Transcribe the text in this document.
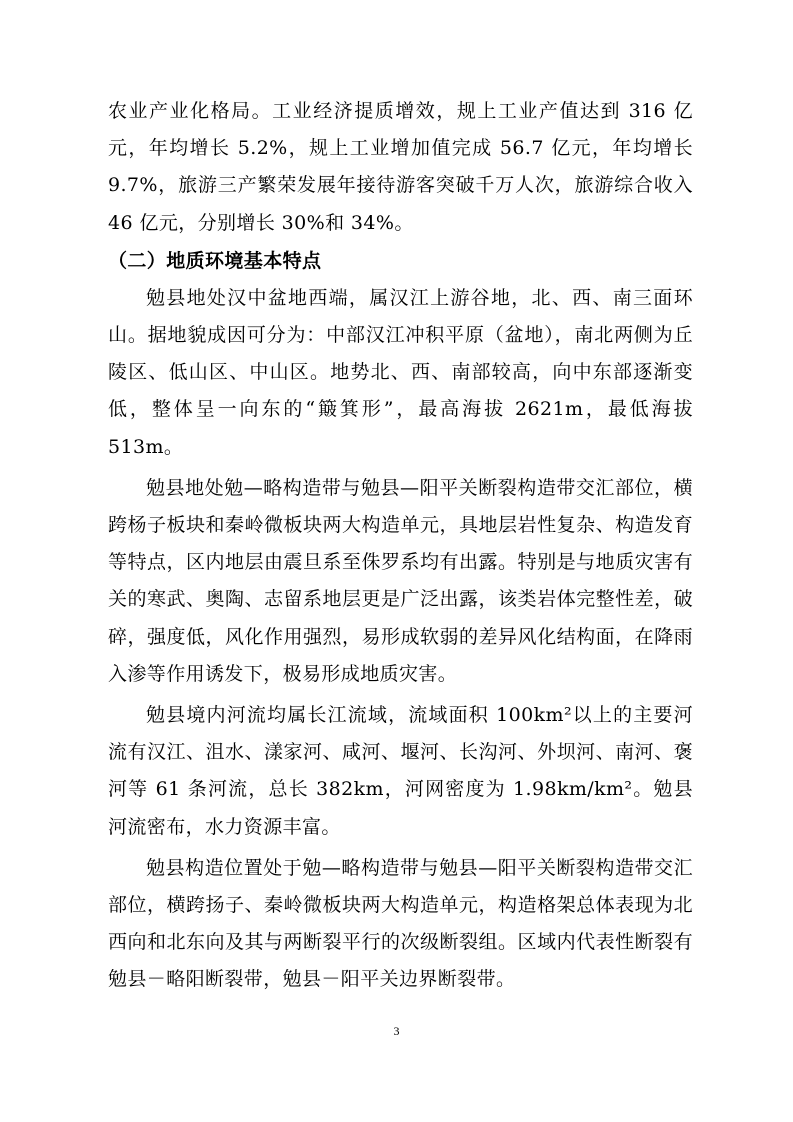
农业产业化格局。工业经济提质增效，规上工业产值达到 316 亿元，年均增长 5.2%，规上工业增加值完成 56.7 亿元，年均增长 9.7%，旅游三产繁荣发展年接待游客突破千万人次，旅游综合收入 46 亿元，分别增长 30%和 34%。

（二）地质环境基本特点

勉县地处汉中盆地西端，属汉江上游谷地，北、西、南三面环山。据地貌成因可分为：中部汉江冲积平原（盆地），南北两侧为丘陵区、低山区、中山区。地势北、西、南部较高，向中东部逐渐变低，整体呈一向东的“簸箕形”，最高海拔 2621m，最低海拔 513m。

勉县地处勉—略构造带与勉县—阳平关断裂构造带交汇部位，横跨杨子板块和秦岭微板块两大构造单元，具地层岩性复杂、构造发育等特点，区内地层由震旦系至侏罗系均有出露。特别是与地质灾害有关的寒武、奥陶、志留系地层更是广泛出露，该类岩体完整性差，破碎，强度低，风化作用强烈，易形成软弱的差异风化结构面，在降雨入渗等作用诱发下，极易形成地质灾害。

勉县境内河流均属长江流域，流域面积 100km²以上的主要河流有汉江、沮水、漾家河、咸河、堰河、长沟河、外坝河、南河、褒河等 61 条河流，总长 382km，河网密度为 1.98km/km²。勉县河流密布，水力资源丰富。

勉县构造位置处于勉—略构造带与勉县—阳平关断裂构造带交汇部位，横跨扬子、秦岭微板块两大构造单元，构造格架总体表现为北西向和北东向及其与两断裂平行的次级断裂组。区域内代表性断裂有勉县－略阳断裂带，勉县－阳平关边界断裂带。

3
